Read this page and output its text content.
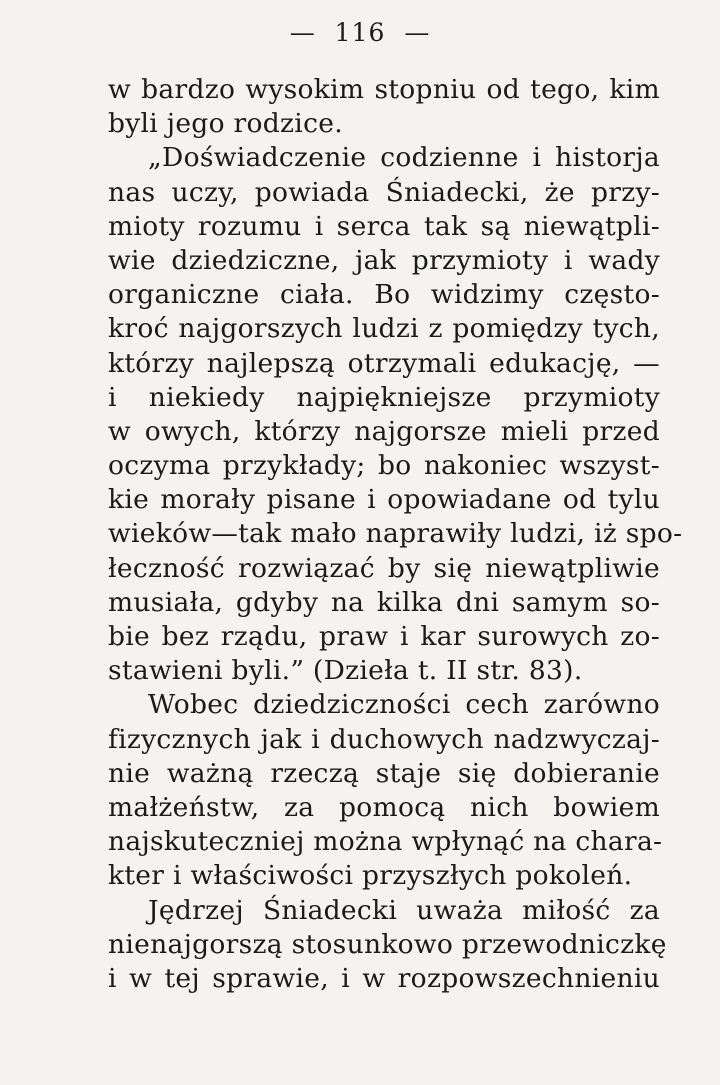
— 116 —
w bardzo wysokim stopniu od tego, kim
byli jego rodzice.
„Doświadczenie codzienne i historja
nas uczy, powiada Śniadecki, że przy-
mioty rozumu i serca tak są niewątpli-
wie dziedziczne, jak przymioty i wady
organiczne ciała. Bo widzimy często-
kroć najgorszych ludzi z pomiędzy tych,
którzy najlepszą otrzymali edukację, —
i niekiedy najpiękniejsze przymioty
w owych, którzy najgorsze mieli przed
oczyma przykłady; bo nakoniec wszyst-
kie morały pisane i opowiadane od tylu
wieków—tak mało naprawiły ludzi, iż spo-
łeczność rozwiązać by się niewątpliwie
musiała, gdyby na kilka dni samym so-
bie bez rządu, praw i kar surowych zo-
stawieni byli.” (Dzieła t. II str. 83).
Wobec dziedziczności cech zarówno
fizycznych jak i duchowych nadzwyczaj-
nie ważną rzeczą staje się dobieranie
małżeństw, za pomocą nich bowiem
najskuteczniej można wpłynąć na chara-
kter i właściwości przyszłych pokoleń.
Jędrzej Śniadecki uważa miłość za
nienajgorszą stosunkowo przewodniczkę
i w tej sprawie, i w rozpowszechnieniu
